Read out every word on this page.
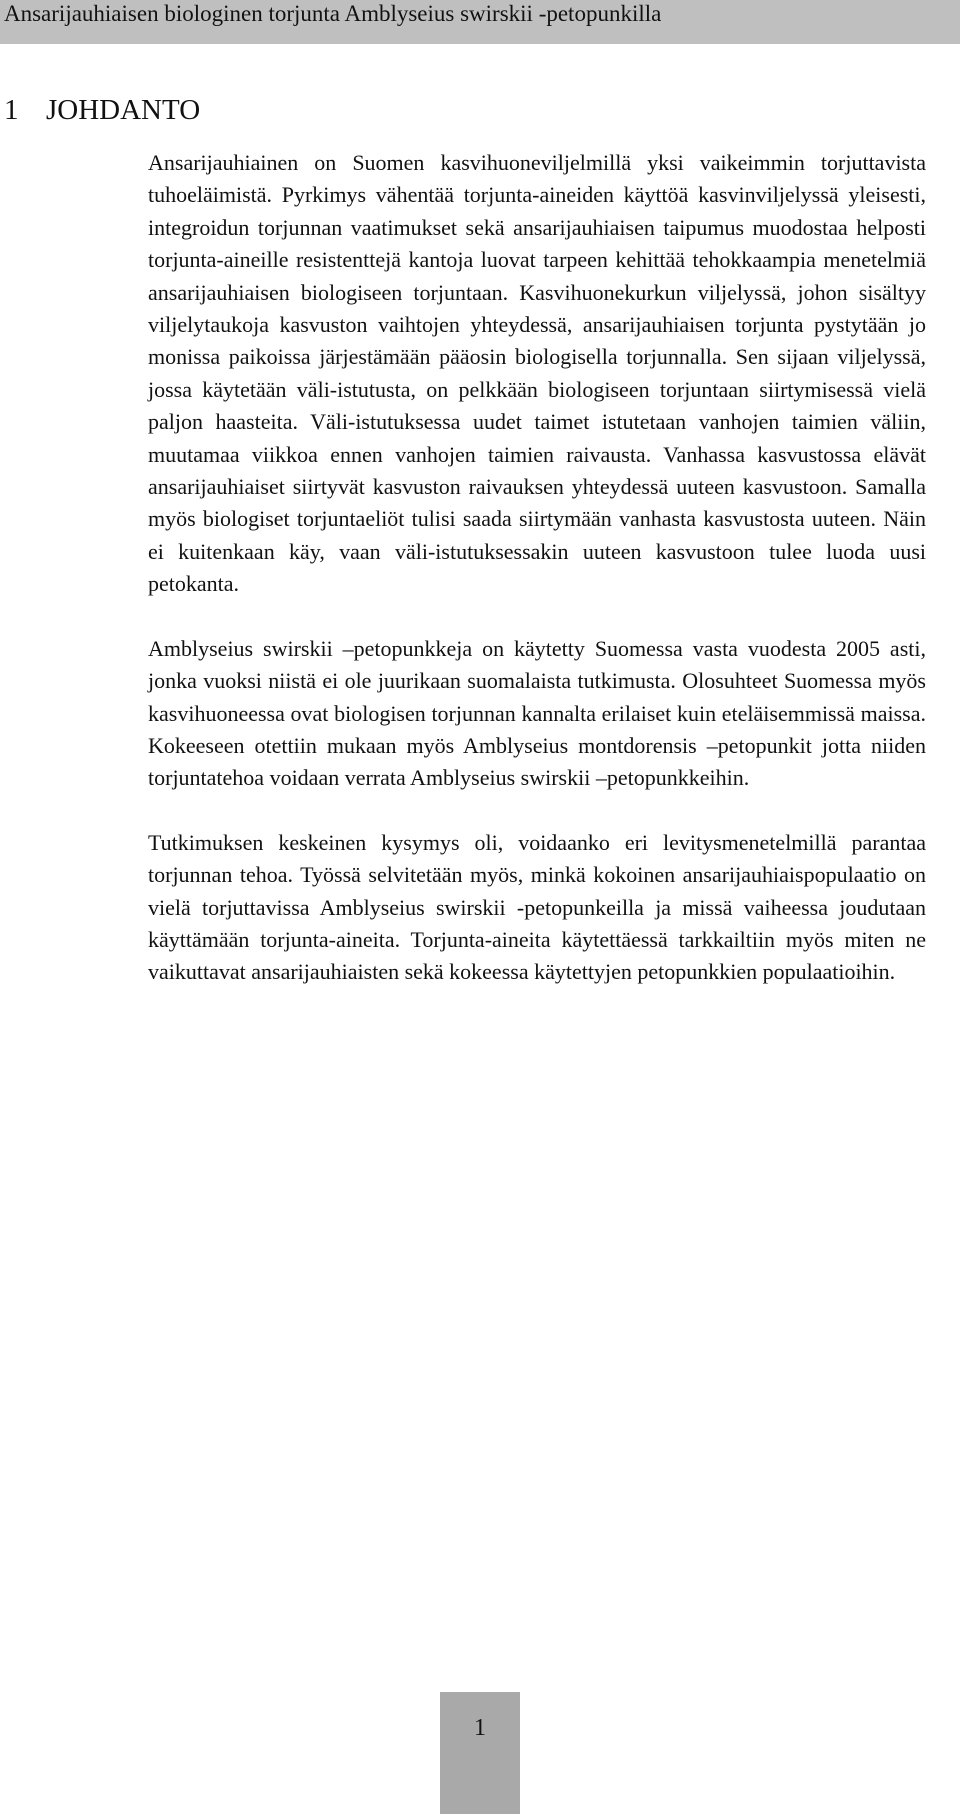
Ansarijauhiaisen biologinen torjunta Amblyseius swirskii -petopunkilla
1 JOHDANTO

Ansarijauhiainen on Suomen kasvihuoneviljelmillä yksi vaikeimmin torjuttavista tuhoeläimistä. Pyrkimys vähentää torjunta-aineiden käyttöä kasvinviljelyssä yleisesti, integroidun torjunnan vaatimukset sekä ansarijauhiaisen taipumus muodostaa helposti torjunta-aineille resistenttejä kantoja luovat tarpeen kehittää tehokkaampia menetelmiä ansarijauhiaisen biologiseen torjuntaan. Kasvihuonekurkun viljelyssä, johon sisältyy viljelytaukoja kasvuston vaihtojen yhteydessä, ansarijauhiaisen torjunta pystytään jo monissa paikoissa järjestämään pääosin biologisella torjunnalla. Sen sijaan viljelyssä, jossa käytetään väli-istutusta, on pelkkään biologiseen torjuntaan siirtymisessä vielä paljon haasteita. Väli-istutuksessa uudet taimet istutetaan vanhojen taimien väliin, muutamaa viikkoa ennen vanhojen taimien raivausta. Vanhassa kasvustossa elävät ansarijauhiaiset siirtyvät kasvuston raivauksen yhteydessä uuteen kasvustoon. Samalla myös biologiset torjuntaeliöt tulisi saada siirtymään vanhasta kasvustosta uuteen. Näin ei kuitenkaan käy, vaan väli-istutuksessakin uuteen kasvustoon tulee luoda uusi petokanta.

Amblyseius swirskii –petopunkkeja on käytetty Suomessa vasta vuodesta 2005 asti, jonka vuoksi niistä ei ole juurikaan suomalaista tutkimusta. Olosuhteet Suomessa myös kasvihuoneessa ovat biologisen torjunnan kannalta erilaiset kuin eteläisemmissä maissa. Kokeeseen otettiin mukaan myös Amblyseius montdorensis –petopunkit jotta niiden torjuntatehoa voidaan verrata Amblyseius swirskii –petopunkkeihin.

Tutkimuksen keskeinen kysymys oli, voidaanko eri levitysmenetelmillä parantaa torjunnan tehoa. Työssä selvitetään myös, minkä kokoinen ansarijauhiaispopulaatio on vielä torjuttavissa Amblyseius swirskii -petopunkeilla ja missä vaiheessa joudutaan käyttämään torjunta-aineita. Torjunta-aineita käytettäessä tarkkailtiin myös miten ne vaikuttavat ansarijauhiaisten sekä kokeessa käytettyjen petopunkkien populaatioihin.

1
